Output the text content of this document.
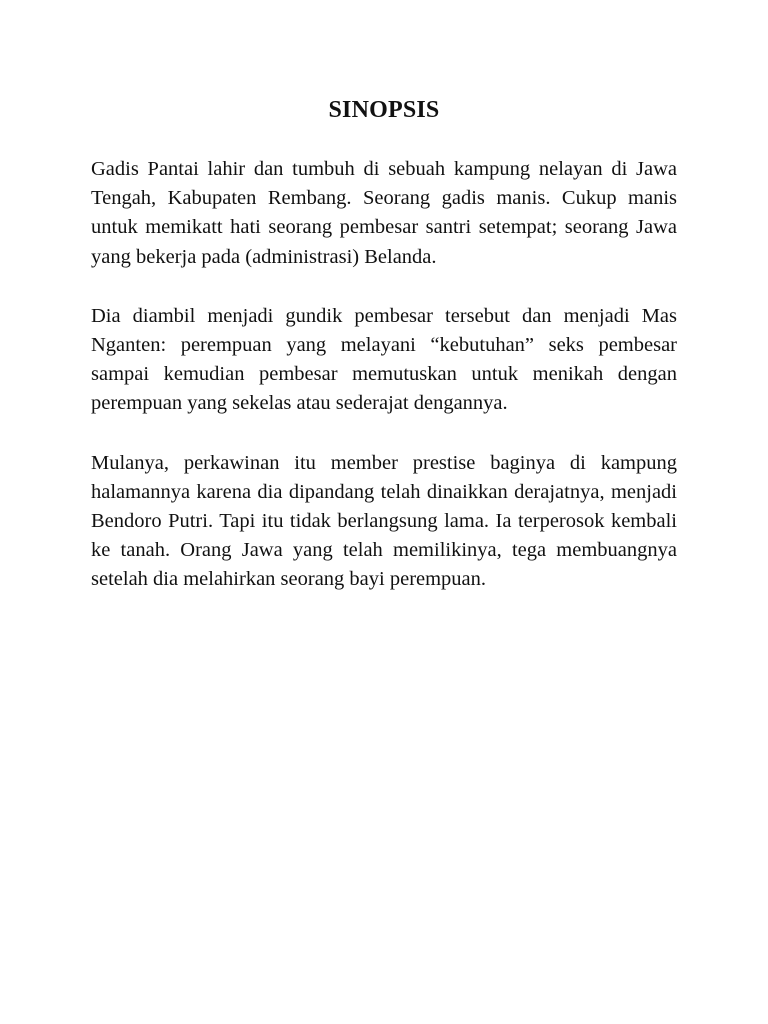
SINOPSIS

Gadis Pantai lahir dan tumbuh di sebuah kampung nelayan di Jawa Tengah, Kabupaten Rembang. Seorang gadis manis. Cukup manis untuk memikatt hati seorang pembesar santri setempat; seorang Jawa yang bekerja pada (administrasi) Belanda.

Dia diambil menjadi gundik pembesar tersebut dan menjadi Mas Nganten: perempuan yang melayani “kebutuhan” seks pembesar sampai kemudian pembesar memutuskan untuk menikah dengan perempuan yang sekelas atau sederajat dengannya.

Mulanya, perkawinan itu member prestise baginya di kampung halamannya karena dia dipandang telah dinaikkan derajatnya, menjadi Bendoro Putri. Tapi itu tidak berlangsung lama. Ia terperosok kembali ke tanah. Orang Jawa yang telah memilikinya, tega membuangnya setelah dia melahirkan seorang bayi perempuan.
